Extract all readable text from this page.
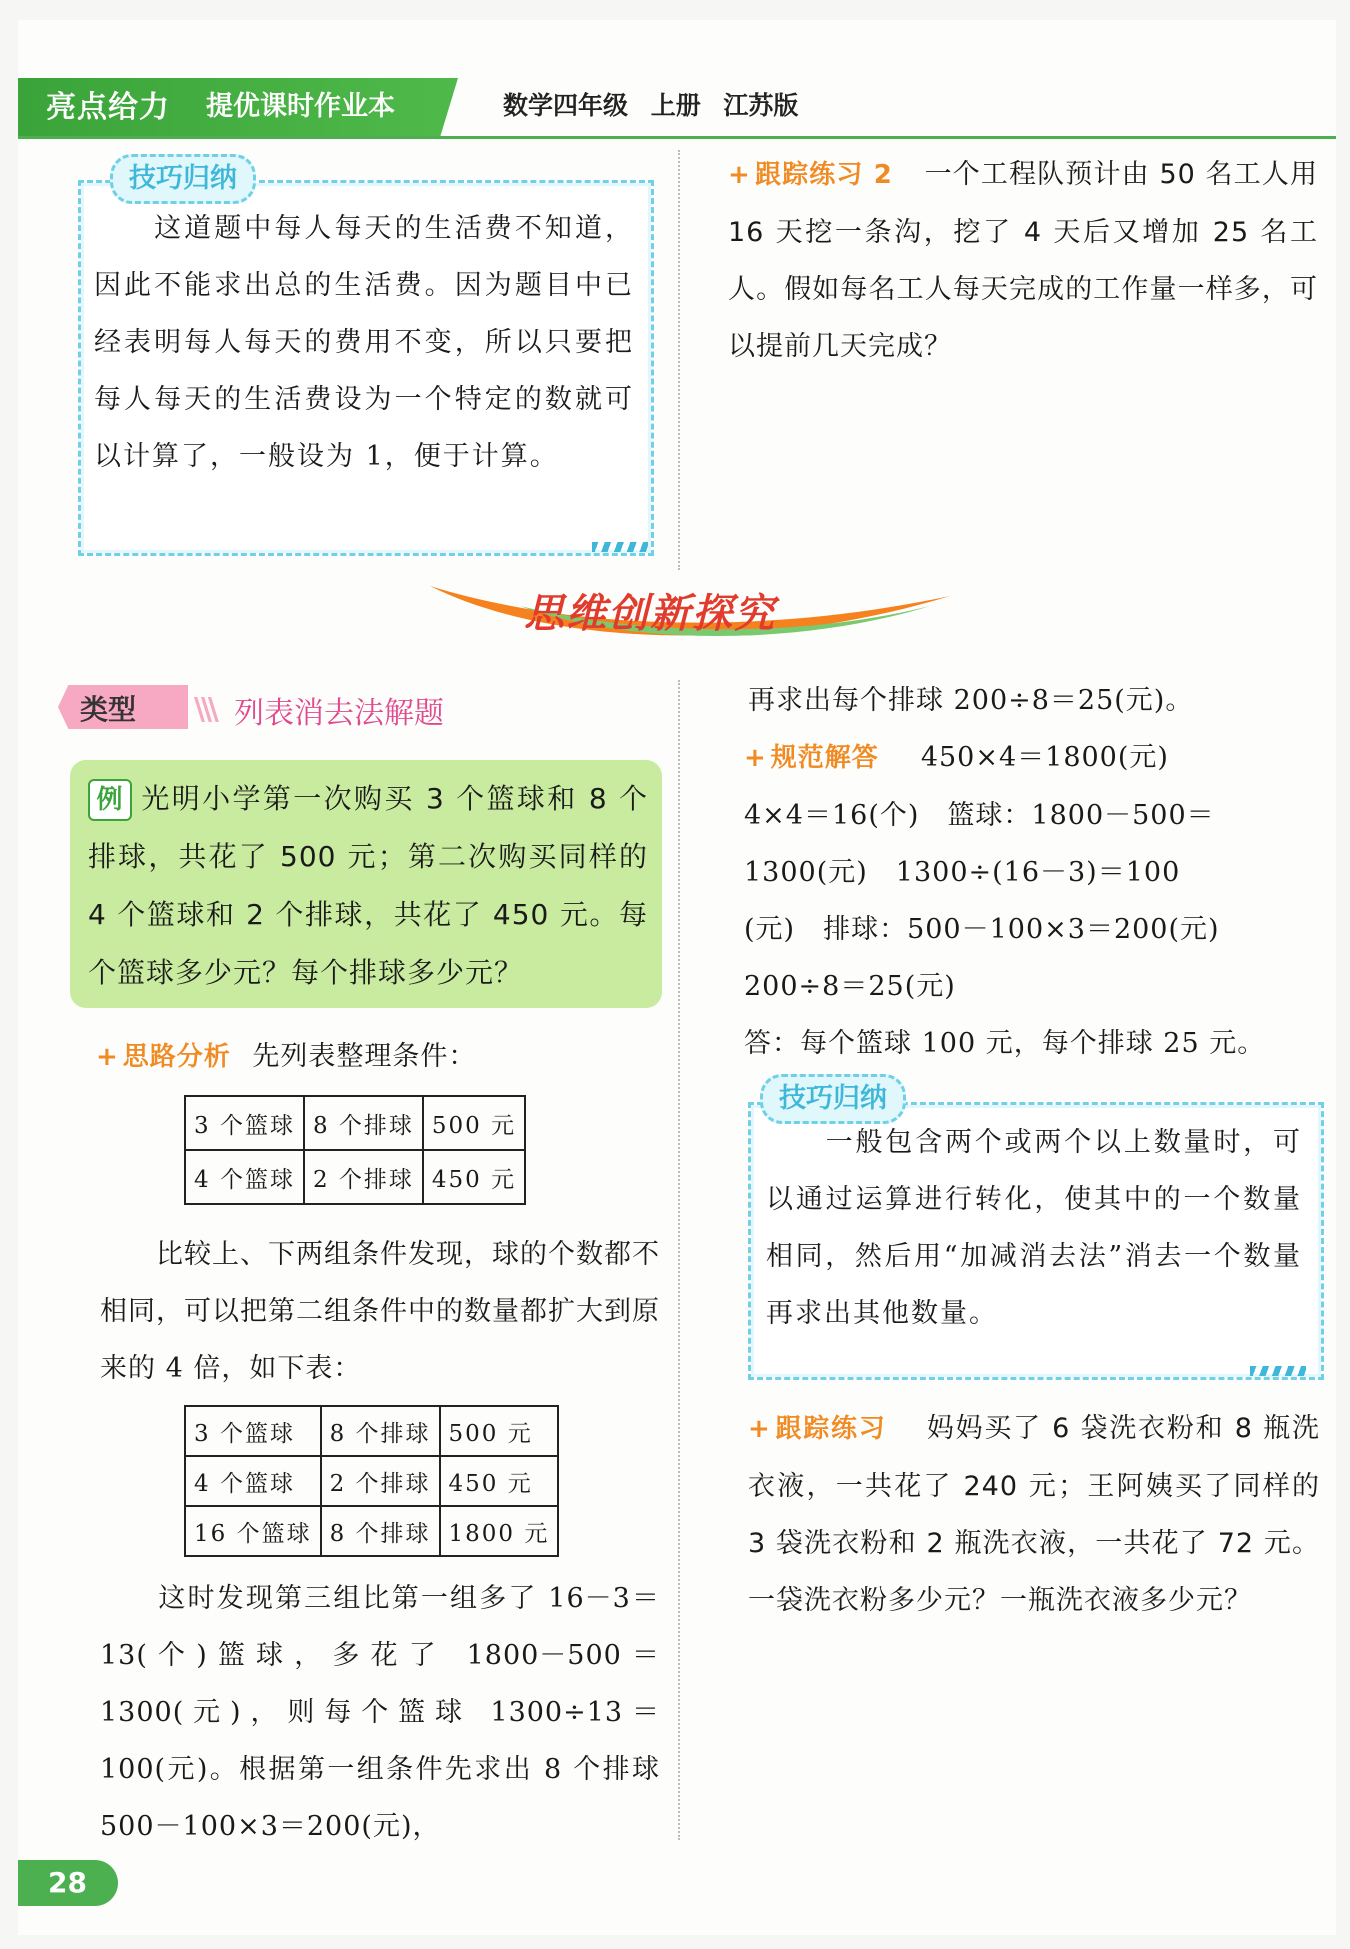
亮点给力 提优课时作业本	数学四年级 上册 江苏版
技巧归纳
　　这道题中每人每天的生活费不知道，因此不能求出总的生活费。因为题目中已经表明每人每天的费用不变，所以只要把每人每天的生活费设为一个特定的数就可以计算了，一般设为 1，便于计算。
+ 跟踪练习 2 一个工程队预计由 50 名工人用 16 天挖一条沟，挖了 4 天后又增加 25 名工人。假如每名工人每天完成的工作量一样多，可以提前几天完成？
思维创新探究
类型 \\\ 列表消去法解题
例 光明小学第一次购买 3 个篮球和 8 个排球，共花了 500 元；第二次购买同样的 4 个篮球和 2 个排球，共花了 450 元。每个篮球多少元？每个排球多少元？
+ 思路分析 先列表整理条件：
3 个篮球	8 个排球	500 元
4 个篮球	2 个排球	450 元
　　比较上、下两组条件发现，球的个数都不相同，可以把第二组条件中的数量都扩大到原来的 4 倍，如下表：
3 个篮球	8 个排球	500 元
4 个篮球	2 个排球	450 元
16 个篮球	8 个排球	1800 元
　　这时发现第三组比第一组多了 16－3＝13(个)篮球，多花了 1800－500＝1300(元)，则每个篮球 1300÷13＝100(元)。根据第一组条件先求出 8 个排球 500－100×3＝200(元)，
再求出每个排球 200÷8＝25(元)。
+ 规范解答 450×4＝1800(元)
4×4＝16(个)　篮球：1800－500＝
1300(元)　1300÷(16－3)＝100
(元)　排球：500－100×3＝200(元)
200÷8＝25(元)
答：每个篮球 100 元，每个排球 25 元。
技巧归纳
　　一般包含两个或两个以上数量时，可以通过运算进行转化，使其中的一个数量相同，然后用“加减消去法”消去一个数量再求出其他数量。
+ 跟踪练习 妈妈买了 6 袋洗衣粉和 8 瓶洗衣液，一共花了 240 元；王阿姨买了同样的 3 袋洗衣粉和 2 瓶洗衣液，一共花了 72 元。一袋洗衣粉多少元？一瓶洗衣液多少元？
28
